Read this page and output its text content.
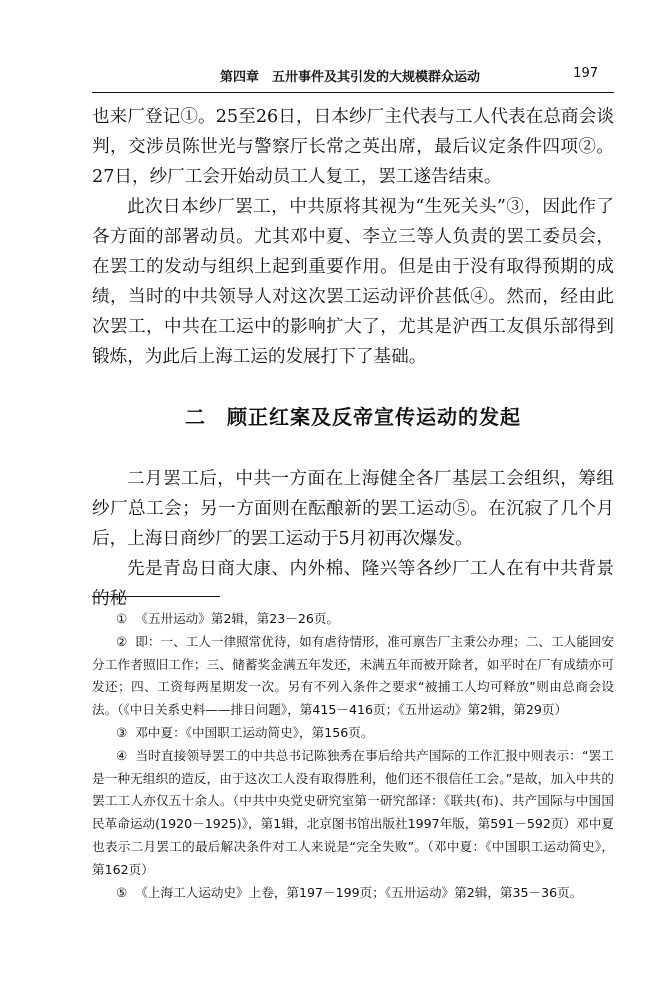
第四章　五卅事件及其引发的大规模群众运动	197

也来厂登记①。25至26日，日本纱厂主代表与工人代表在总商会谈判，交涉员陈世光与警察厅长常之英出席，最后议定条件四项②。27日，纱厂工会开始动员工人复工，罢工遂告结束。

此次日本纱厂罢工，中共原将其视为“生死关头”③，因此作了各方面的部署动员。尤其邓中夏、李立三等人负责的罢工委员会，在罢工的发动与组织上起到重要作用。但是由于没有取得预期的成绩，当时的中共领导人对这次罢工运动评价甚低④。然而，经由此次罢工，中共在工运中的影响扩大了，尤其是沪西工友俱乐部得到锻炼，为此后上海工运的发展打下了基础。

二　顾正红案及反帝宣传运动的发起

二月罢工后，中共一方面在上海健全各厂基层工会组织，筹组纱厂总工会；另一方面则在酝酿新的罢工运动⑤。在沉寂了几个月后，上海日商纱厂的罢工运动于5月初再次爆发。

先是青岛日商大康、内外棉、隆兴等各纱厂工人在有中共背景的秘

① 《五卅运动》第2辑，第23－26页。

② 即：一、工人一律照常优待，如有虐待情形，准可禀告厂主秉公办理；二、工人能回安分工作者照旧工作；三、储蓄奖金满五年发还，未满五年而被开除者，如平时在厂有成绩亦可发还；四、工资每两星期发一次。另有不列入条件之要求“被捕工人均可释放”则由总商会设法。（《中日关系史料——排日问题》，第415－416页；《五卅运动》第2辑，第29页）

③ 邓中夏：《中国职工运动简史》，第156页。

④ 当时直接领导罢工的中共总书记陈独秀在事后给共产国际的工作汇报中则表示：“罢工是一种无组织的造反，由于这次工人没有取得胜利，他们还不很信任工会。”是故，加入中共的罢工工人亦仅五十余人。（中共中央党史研究室第一研究部译：《联共(布)、共产国际与中国国民革命运动(1920－1925)》，第1辑，北京图书馆出版社1997年版，第591－592页）邓中夏也表示二月罢工的最后解决条件对工人来说是“完全失败”。（邓中夏：《中国职工运动简史》，第162页）

⑤ 《上海工人运动史》上卷，第197－199页；《五卅运动》第2辑，第35－36页。
